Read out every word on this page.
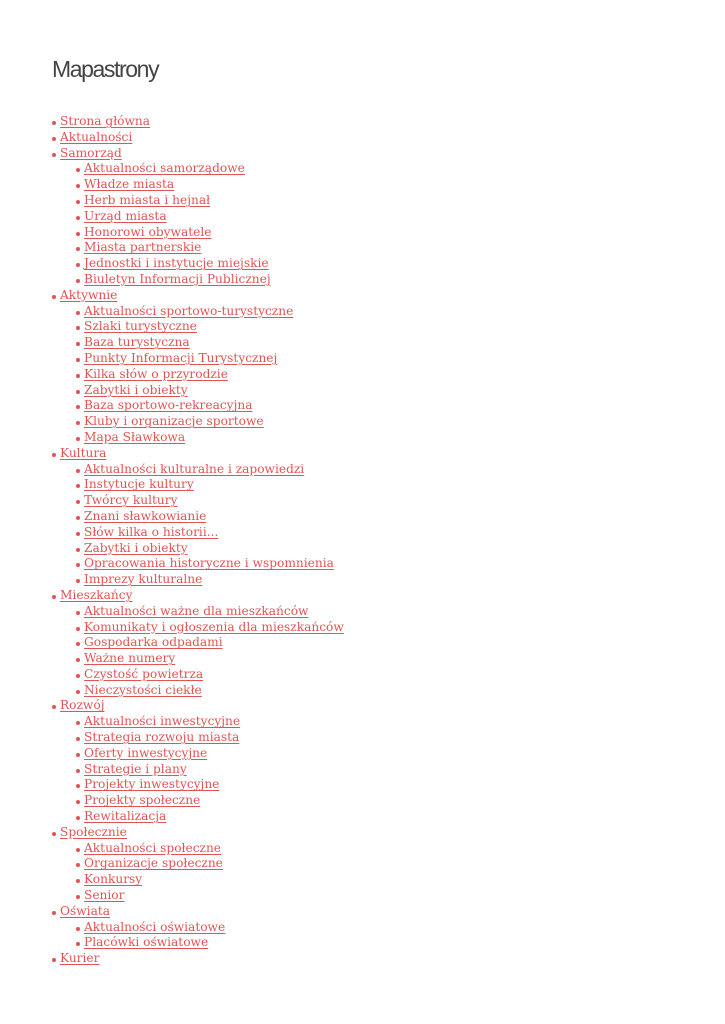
Mapastrony
Strona główna
Aktualności
Samorząd
Aktualności samorządowe
Władze miasta
Herb miasta i hejnał
Urząd miasta
Honorowi obywatele
Miasta partnerskie
Jednostki i instytucje miejskie
Biuletyn Informacji Publicznej
Aktywnie
Aktualności sportowo-turystyczne
Szlaki turystyczne
Baza turystyczna
Punkty Informacji Turystycznej
Kilka słów o przyrodzie
Zabytki i obiekty
Baza sportowo-rekreacyjna
Kluby i organizacje sportowe
Mapa Sławkowa
Kultura
Aktualności kulturalne i zapowiedzi
Instytucje kultury
Twórcy kultury
Znani sławkowianie
Słów kilka o historii...
Zabytki i obiekty
Opracowania historyczne i wspomnienia
Imprezy kulturalne
Mieszkańcy
Aktualności ważne dla mieszkańców
Komunikaty i ogłoszenia dla mieszkańców
Gospodarka odpadami
Ważne numery
Czystość powietrza
Nieczystości ciekłe
Rozwój
Aktualności inwestycyjne
Strategia rozwoju miasta
Oferty inwestycyjne
Strategie i plany
Projekty inwestycyjne
Projekty społeczne
Rewitalizacja
Społecznie
Aktualności społeczne
Organizacje społeczne
Konkursy
Senior
Oświata
Aktualności oświatowe
Placówki oświatowe
Kurier
